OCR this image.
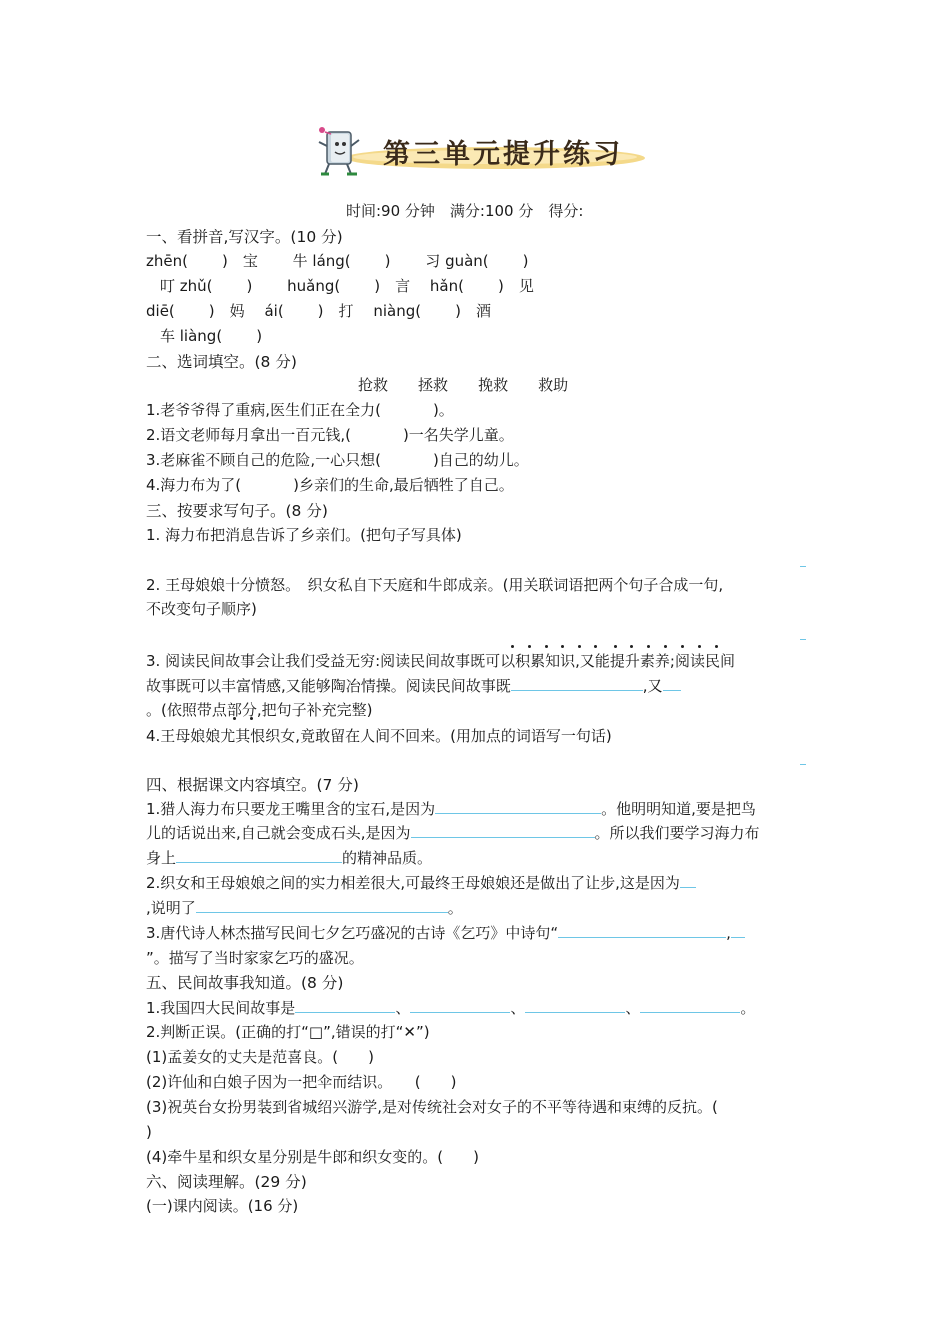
第三单元提升练习
时间:90 分钟　满分:100 分　得分:
一、看拼音,写汉字。(10 分)
zhēn( )　 宝　　 牛 láng( )　　 习 guàn( )
叮 zhǔ( )　　 huǎng( )　 言　 hǎn( )　 见
diē( )　 妈　 ái( )　 打　 niàng( )　 酒
车 liàng( )
二、选词填空。(8 分)
抢救　　 拯救　　 挽救　　 救助
1.老爷爷得了重病,医生们正在全力(	)。
2.语文老师每月拿出一百元钱,(	)一名失学儿童。
3.老麻雀不顾自己的危险,一心只想(	)自己的幼儿。
4.海力布为了(	)乡亲们的生命,最后牺牲了自己。
三、按要求写句子。(8 分)
1. 海力布把消息告诉了乡亲们。(把句子写具体)
2. 王母娘娘十分愤怒。　织女私自下天庭和牛郎成亲。(用关联词语把两个句子合成一句,
不改变句子顺序)
3. 阅读民间故事会让我们受益无穷:阅读民间故事既可以积累知识,又能提升素养;阅读民间
故事既可以丰富情感,又能够陶冶情操。阅读民间故事既	,又
。(依照带点部分,把句子补充完整)
4.王母娘娘尤其恨织女,竟敢留在人间不回来。(用加点的词语写一句话)
四、根据课文内容填空。(7 分)
1.猎人海力布只要龙王嘴里含的宝石,是因为	。他明明知道,要是把鸟
儿的话说出来,自己就会变成石头,是因为	。所以我们要学习海力布
身上	的精神品质。
2.织女和王母娘娘之间的实力相差很大,可最终王母娘娘还是做出了让步,这是因为
,说明了	。
3.唐代诗人林杰描写民间七夕乞巧盛况的古诗《乞巧》中诗句“	,
”。描写了当时家家乞巧的盛况。
五、民间故事我知道。(8 分)
1.我国四大民间故事是	、	、	、	。
2.判断正误。(正确的打“□”,错误的打“✕”)
(1)孟姜女的丈夫是范喜良。(　　)
(2)许仙和白娘子因为一把伞而结识。　　(　　)
(3)祝英台女扮男装到省城绍兴游学,是对传统社会对女子的不平等待遇和束缚的反抗。(
)
(4)牵牛星和织女星分别是牛郎和织女变的。(　　)
六、阅读理解。(29 分)
(一)课内阅读。(16 分)
